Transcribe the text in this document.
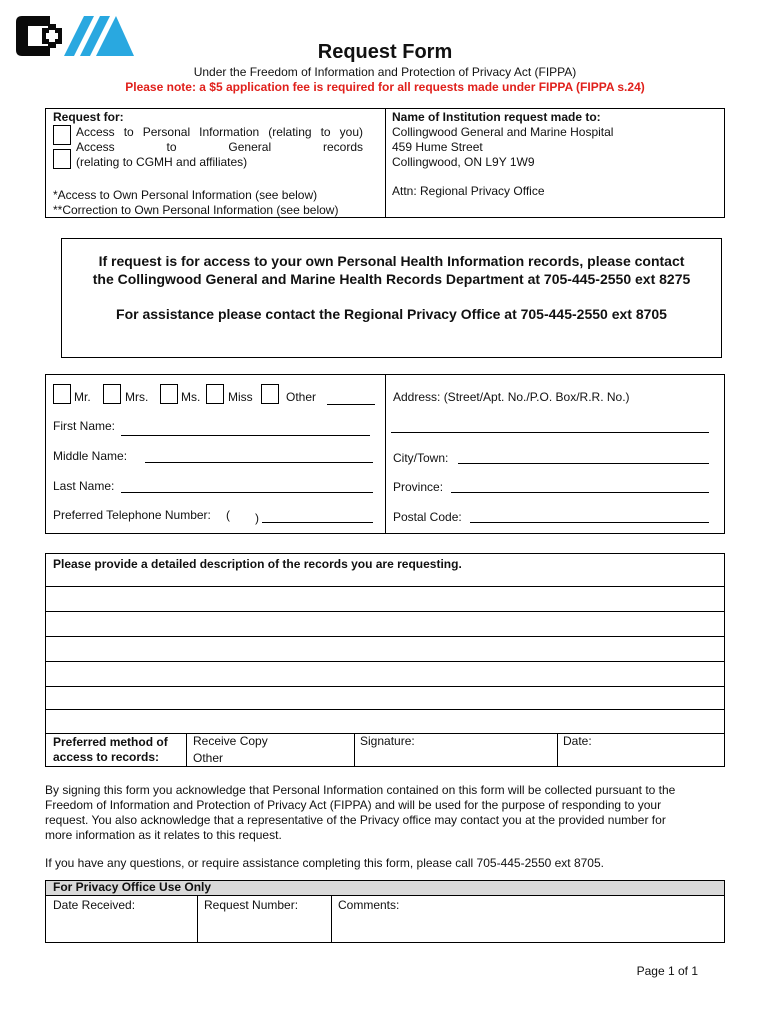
Request Form
Under the Freedom of Information and Protection of Privacy Act (FIPPA)
Please note: a $5 application fee is required for all requests made under FIPPA (FIPPA s.24)
Request for:
Access to Personal Information (relating to you)
Access	to	General	records
(relating to CGMH and affiliates)
*Access to Own Personal Information (see below)
**Correction to Own Personal Information (see below)
Name of Institution request made to:
Collingwood General and Marine Hospital
459 Hume Street
Collingwood, ON L9Y 1W9
Attn: Regional Privacy Office
If request is for access to your own Personal Health Information records, please contact
the Collingwood General and Marine Health Records Department at 705-445-2550 ext 8275
For assistance please contact the Regional Privacy Office at 705-445-2550 ext 8705
Mr.	Mrs.	Ms. Miss	Other
First Name:
Middle Name:
Last Name:
Preferred Telephone Number: ( )
Address: (Street/Apt. No./P.O. Box/R.R. No.)
City/Town:
Province:
Postal Code:
Please provide a detailed description of the records you are requesting.
Preferred method of
access to records:
Receive Copy
Other
Signature:	Date:
By signing this form you acknowledge that Personal Information contained on this form will be collected pursuant to the
Freedom of Information and Protection of Privacy Act (FIPPA) and will be used for the purpose of responding to your
request. You also acknowledge that a representative of the Privacy office may contact you at the provided number for
more information as it relates to this request.
If you have any questions, or require assistance completing this form, please call 705-445-2550 ext 8705.
For Privacy Office Use Only
Date Received:	Request Number:	Comments:
Page 1 of 1
